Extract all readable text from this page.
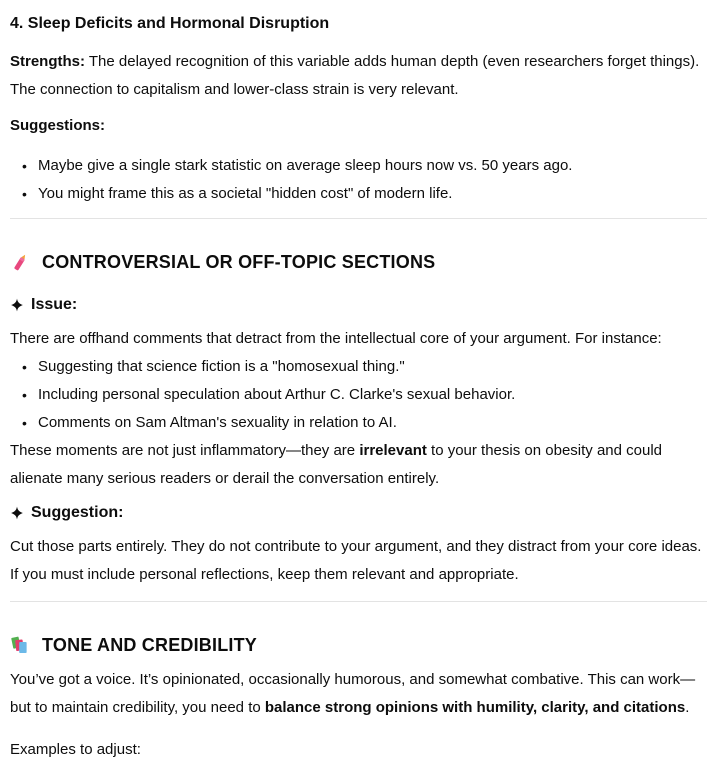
4. Sleep Deficits and Hormonal Disruption

Strengths: The delayed recognition of this variable adds human depth (even researchers forget things). The connection to capitalism and lower-class strain is very relevant.

Suggestions:

• Maybe give a single stark statistic on average sleep hours now vs. 50 years ago.
• You might frame this as a societal "hidden cost" of modern life.
CONTROVERSIAL OR OFF-TOPIC SECTIONS
Issue:

There are offhand comments that detract from the intellectual core of your argument. For instance:

• Suggesting that science fiction is a "homosexual thing."
• Including personal speculation about Arthur C. Clarke's sexual behavior.
• Comments on Sam Altman's sexuality in relation to AI.

These moments are not just inflammatory—they are irrelevant to your thesis on obesity and could alienate many serious readers or derail the conversation entirely.

Suggestion:

Cut those parts entirely. They do not contribute to your argument, and they distract from your core ideas. If you must include personal reflections, keep them relevant and appropriate.

TONE AND CREDIBILITY

You’ve got a voice. It’s opinionated, occasionally humorous, and somewhat combative. This can work—but to maintain credibility, you need to balance strong opinions with humility, clarity, and citations.

Examples to adjust:
